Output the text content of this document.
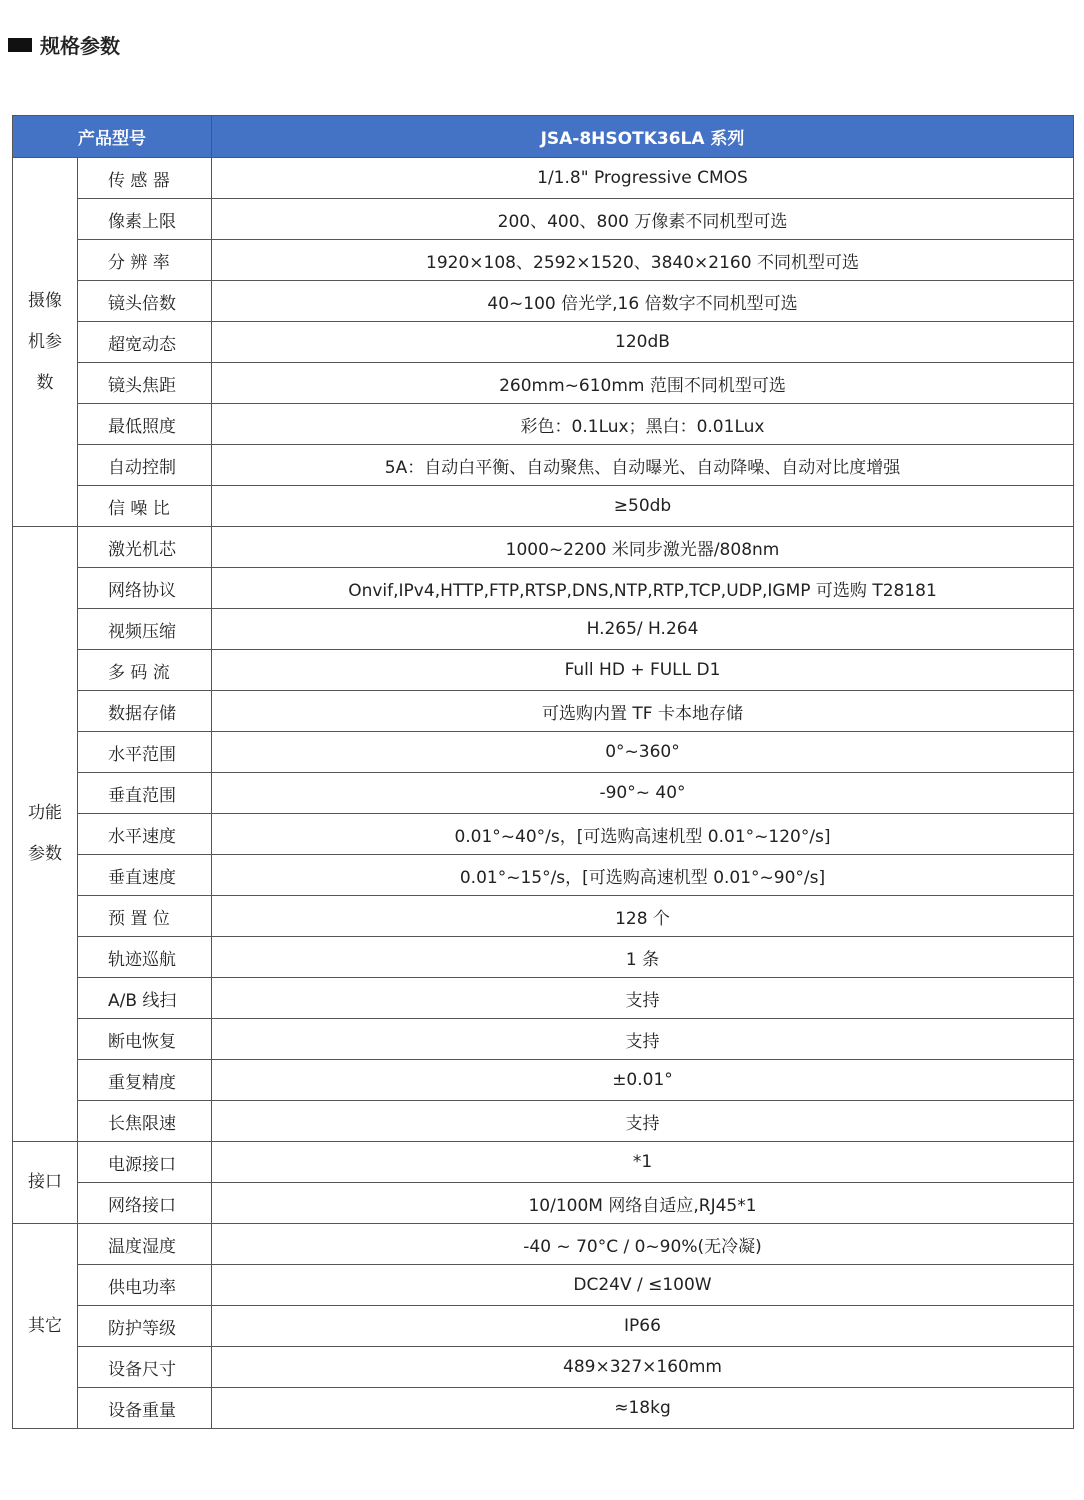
规格参数
产品型号		JSA-8HSOTK36LA 系列
摄像
机参
数	传 感 器	1/1.8" Progressive CMOS
	像素上限	200、400、800 万像素不同机型可选
	分 辨 率	1920×108、2592×1520、3840×2160 不同机型可选
	镜头倍数	40~100 倍光学,16 倍数字不同机型可选
	超宽动态	120dB
	镜头焦距	260mm~610mm 范围不同机型可选
	最低照度	彩色：0.1Lux；黑白：0.01Lux
	自动控制	5A：自动白平衡、自动聚焦、自动曝光、自动降噪、自动对比度增强
	信 噪 比	≥50db
功能
参数	激光机芯	1000~2200 米同步激光器/808nm
	网络协议	Onvif,IPv4,HTTP,FTP,RTSP,DNS,NTP,RTP,TCP,UDP,IGMP 可选购 T28181
	视频压缩	H.265/ H.264
	多 码 流	Full HD + FULL D1
	数据存储	可选购内置 TF 卡本地存储
	水平范围	0°~360°
	垂直范围	-90°~ 40°
	水平速度	0.01°~40°/s，[可选购高速机型 0.01°~120°/s]
	垂直速度	0.01°~15°/s，[可选购高速机型 0.01°~90°/s]
	预 置 位	128 个
	轨迹巡航	1 条
	A/B 线扫	支持
	断电恢复	支持
	重复精度	±0.01°
	长焦限速	支持
接口	电源接口	*1
	网络接口	10/100M 网络自适应,RJ45*1
其它	温度湿度	-40 ~ 70°C / 0~90%(无冷凝)
	供电功率	DC24V / ≤100W
	防护等级	IP66
	设备尺寸	489×327×160mm
	设备重量	≈18kg
